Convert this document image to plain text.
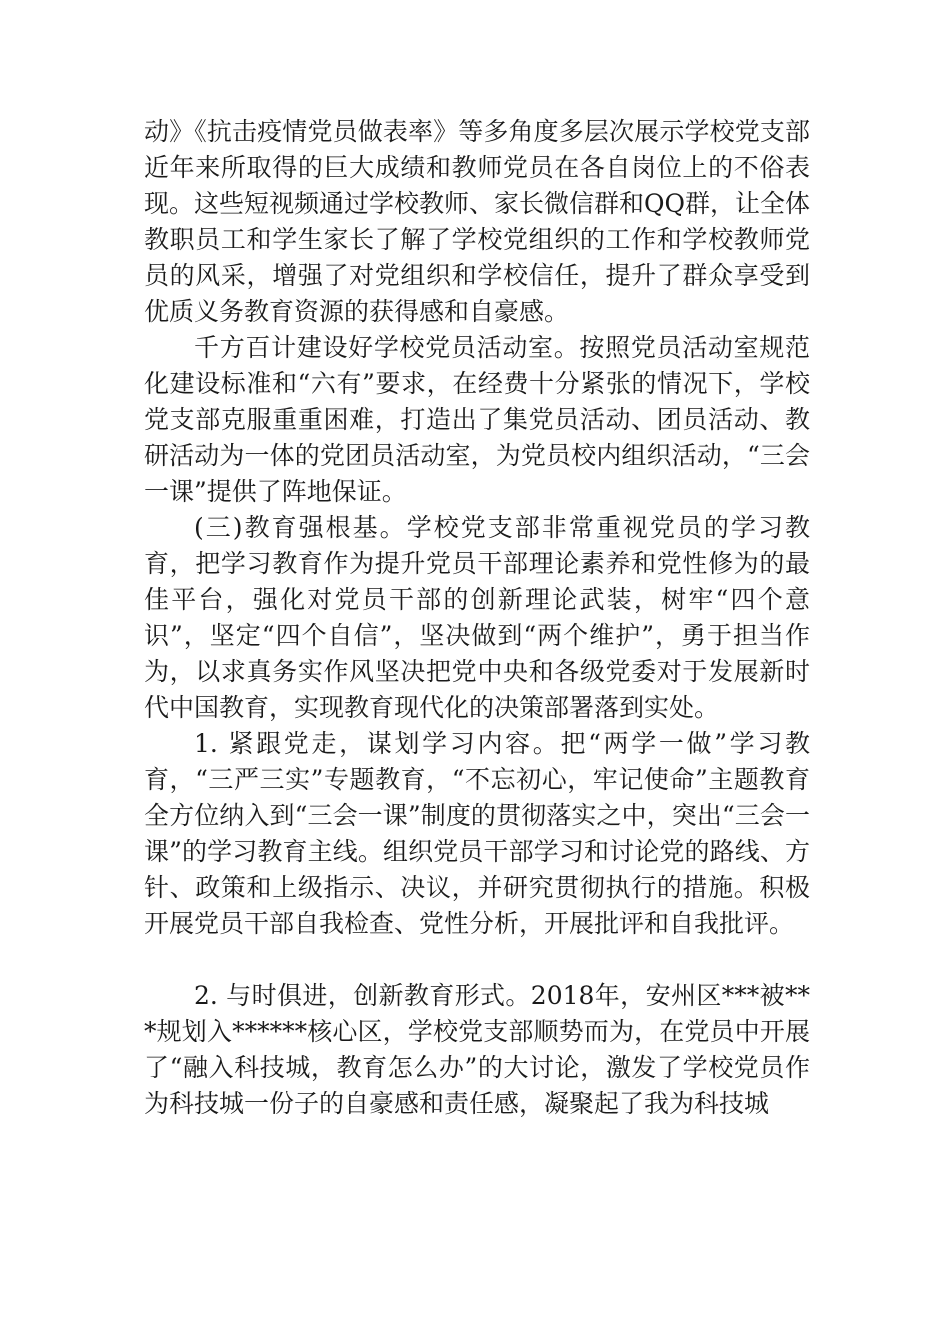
动》《抗击疫情党员做表率》等多角度多层次展示学校党支部近年来所取得的巨大成绩和教师党员在各自岗位上的不俗表现。这些短视频通过学校教师、家长微信群和QQ群，让全体教职员工和学生家长了解了学校党组织的工作和学校教师党员的风采，增强了对党组织和学校信任，提升了群众享受到优质义务教育资源的获得感和自豪感。

千方百计建设好学校党员活动室。按照党员活动室规范化建设标准和“六有”要求，在经费十分紧张的情况下，学校党支部克服重重困难，打造出了集党员活动、团员活动、教研活动为一体的党团员活动室，为党员校内组织活动，“三会一课”提供了阵地保证。

(三)教育强根基。学校党支部非常重视党员的学习教育，把学习教育作为提升党员干部理论素养和党性修为的最佳平台，强化对党员干部的创新理论武装，树牢“四个意识”，坚定“四个自信”，坚决做到“两个维护”，勇于担当作为，以求真务实作风坚决把党中央和各级党委对于发展新时代中国教育，实现教育现代化的决策部署落到实处。

1. 紧跟党走，谋划学习内容。把“两学一做”学习教育，“三严三实”专题教育，“不忘初心，牢记使命”主题教育全方位纳入到“三会一课”制度的贯彻落实之中，突出“三会一课”的学习教育主线。组织党员干部学习和讨论党的路线、方针、政策和上级指示、决议，并研究贯彻执行的措施。积极开展党员干部自我检查、党性分析，开展批评和自我批评。

2. 与时俱进，创新教育形式。2018年，安州区***被***规划入******核心区，学校党支部顺势而为，在党员中开展了“融入科技城，教育怎么办”的大讨论，激发了学校党员作为科技城一份子的自豪感和责任感，凝聚起了我为科技城
